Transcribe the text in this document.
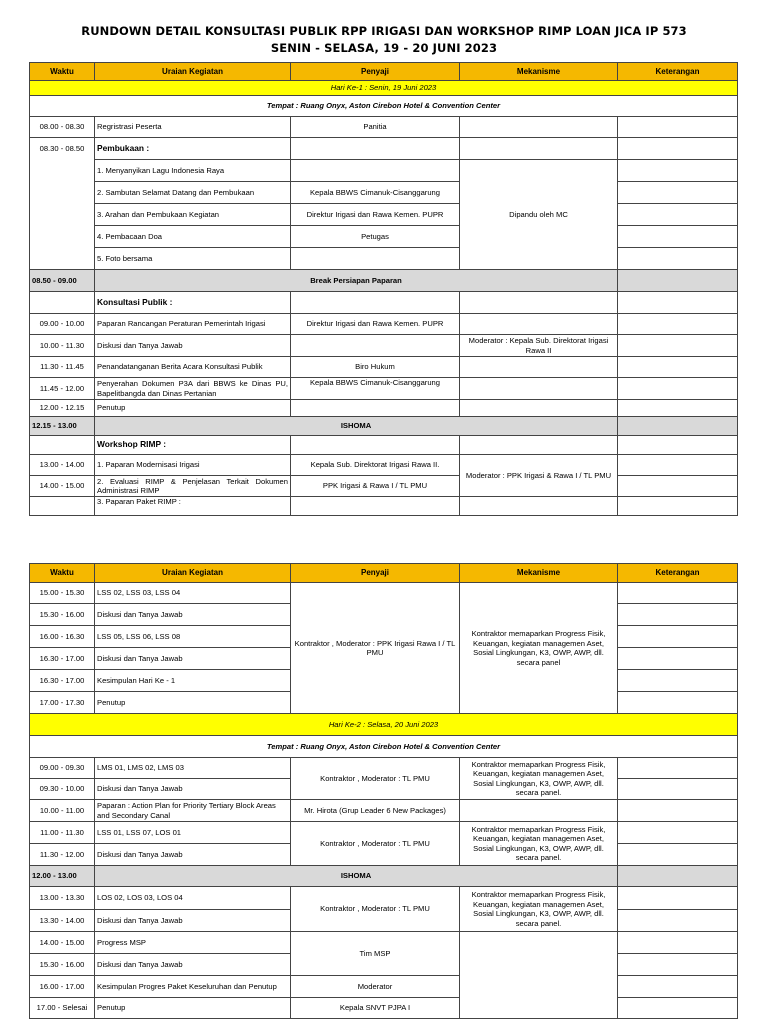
RUNDOWN DETAIL KONSULTASI PUBLIK RPP IRIGASI DAN WORKSHOP RIMP LOAN JICA IP 573
SENIN - SELASA, 19 - 20 JUNI 2023
Waktu	Uraian Kegiatan	Penyaji	Mekanisme	Keterangan
Hari Ke-1 : Senin, 19 Juni 2023				
Tempat : Ruang Onyx, Aston Cirebon Hotel & Convention Center				
08.00 - 08.30	Regristrasi Peserta	Panitia		
08.30 - 08.50	Pembukaan :			
	1. Menyanyikan Lagu Indonesia Raya		Dipandu oleh MC	
	2. Sambutan Selamat Datang dan Pembukaan	Kepala BBWS Cimanuk-Cisanggarung		
	3. Arahan dan Pembukaan Kegiatan	Direktur Irigasi dan Rawa Kemen. PUPR		
	4. Pembacaan Doa	Petugas		
	5. Foto bersama			
08.50 - 09.00	Break Persiapan Paparan			
	Konsultasi Publik :			
09.00 - 10.00	Paparan Rancangan Peraturan Pemerintah Irigasi	Direktur Irigasi dan Rawa Kemen. PUPR		
10.00 - 11.30	Diskusi dan Tanya Jawab		Moderator : Kepala Sub. Direktorat Irigasi Rawa II	
11.30 - 11.45	Penandatanganan Berita Acara Konsultasi Publik	Biro Hukum		
11.45 - 12.00	Penyerahan Dokumen P3A dari BBWS ke Dinas PU, Bapelitbangda dan Dinas Pertanian	Kepala BBWS Cimanuk-Cisanggarung		
12.00 - 12.15	Penutup			
12.15 - 13.00	ISHOMA			
	Workshop RIMP :			
13.00 - 14.00	1. Paparan Modernisasi Irigasi	Kepala Sub. Direktorat Irigasi Rawa II.	Moderator : PPK Irigasi & Rawa I / TL PMU	
14.00 - 15.00	2. Evaluasi RIMP & Penjelasan Terkait Dokumen Administrasi RIMP	PPK Irigasi & Rawa I / TL PMU		
	3. Paparan Paket RIMP :			
Waktu	Uraian Kegiatan	Penyaji	Mekanisme	Keterangan
15.00 - 15.30	LSS 02, LSS 03, LSS 04	Kontraktor , Moderator : PPK Irigasi Rawa I / TL PMU	Kontraktor memaparkan Progress Fisik, Keuangan, kegiatan managemen Aset, Sosial Lingkungan, K3, OWP, AWP, dll. secara panel	
15.30 - 16.00	Diskusi dan Tanya Jawab			
16.00 - 16.30	LSS 05, LSS 06, LSS 08			
16.30 - 17.00	Diskusi dan Tanya Jawab			
16.30 - 17.00	Kesimpulan Hari Ke - 1			
17.00 - 17.30	Penutup			
Hari Ke-2 : Selasa, 20 Juni 2023				
Tempat : Ruang Onyx, Aston Cirebon Hotel & Convention Center				
09.00 - 09.30	LMS 01, LMS 02, LMS 03	Kontraktor , Moderator : TL PMU	Kontraktor memaparkan Progress Fisik, Keuangan, kegiatan managemen Aset, Sosial Lingkungan, K3, OWP, AWP, dll. secara panel.	
09.30 - 10.00	Diskusi dan Tanya Jawab			
10.00 - 11.00	Paparan : Action Plan for Priority Tertiary Block Areas and Secondary Canal	Mr. Hirota (Grup Leader 6 New Packages)		
11.00 - 11.30	LSS 01, LSS 07, LOS 01	Kontraktor , Moderator : TL PMU	Kontraktor memaparkan Progress Fisik, Keuangan, kegiatan managemen Aset, Sosial Lingkungan, K3, OWP, AWP, dll. secara panel.	
11.30 - 12.00	Diskusi dan Tanya Jawab			
12.00 - 13.00	ISHOMA			
13.00 - 13.30	LOS 02, LOS 03, LOS 04	Kontraktor , Moderator : TL PMU	Kontraktor memaparkan Progress Fisik, Keuangan, kegiatan managemen Aset, Sosial Lingkungan, K3, OWP, AWP, dll. secara panel.	
13.30 - 14.00	Diskusi dan Tanya Jawab			
14.00 - 15.00	Progress MSP	Tim MSP		
15.30 - 16.00	Diskusi dan Tanya Jawab			
16.00 - 17.00	Kesimpulan Progres Paket Keseluruhan dan Penutup	Moderator		
17.00 - Selesai	Penutup	Kepala SNVT PJPA I		
